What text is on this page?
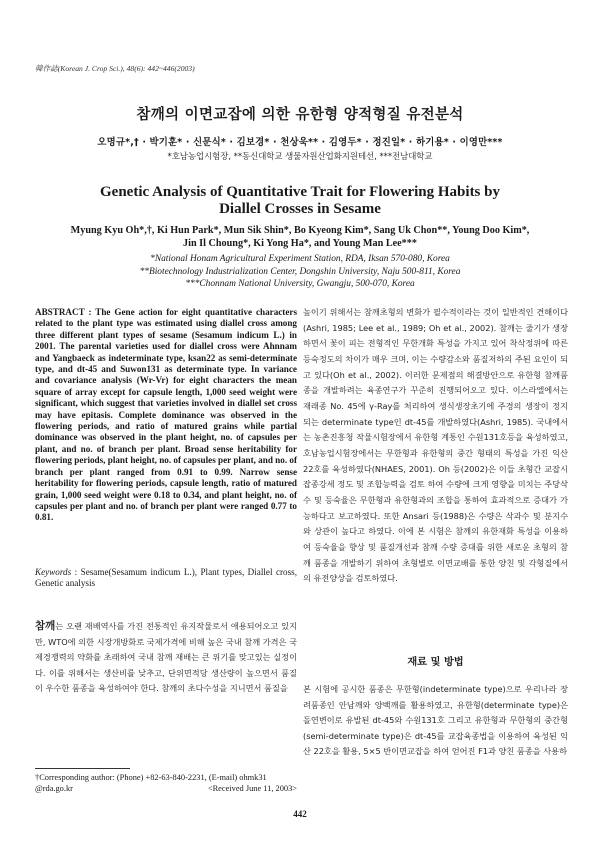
韓作誌(Korean J. Crop Sci.), 48(6): 442~446(2003)
참깨의 이면교잡에 의한 유한형 양적형질 유전분석
오명규*,† · 박기훈* · 신문식* · 김보경* · 천상욱** · 김영두* · 정진일* · 하기용* · 이영만***
*호남농업시험장, **동신대학교 생물자원산업화지원테선, ***전남대학교
Genetic Analysis of Quantitative Trait for Flowering Habits by
Diallel Crosses in Sesame
Myung Kyu Oh*,†, Ki Hun Park*, Mun Sik Shin*, Bo Kyeong Kim*, Sang Uk Chon**, Young Doo Kim*,
Jin Il Choung*, Ki Yong Ha*, and Young Man Lee***
*National Honam Agricultural Experiment Station, RDA, Iksan 570-080, Korea
**Biotechnology Industrialization Center, Dongshin University, Naju 500-811, Korea
***Chonnam National University, Gwangju, 500-070, Korea
ABSTRACT : The Gene action for eight quantitative characters related to the plant type was estimated using diallel cross among three different plant types of sesame (Sesamum indicum L.) in 2001. The parental varieties used for diallel cross were Ahnnam and Yangbaeck as indeterminate type, ksan22 as semi-determinate type, and dt-45 and Suwon131 as determinate type. In variance and covariance analysis (Wr-Vr) for eight characters the mean square of array except for capsule length, 1,000 seed weight were significant, which suggest that varieties involved in diallel set cross may have epitasis. Complete dominance was observed in the flowering periods, and ratio of matured grains while partial dominance was observed in the plant height, no. of capsules per plant, and no. of branch per plant. Broad sense heritability for flowering periods, plant height, no. of capsules per plant, and no. of branch per plant ranged from 0.91 to 0.99. Narrow sense heritability for flowering periods, capsule length, ratio of matured grain, 1,000 seed weight were 0.18 to 0.34, and plant height, no. of capsules per plant and no. of branch per plant were ranged 0.77 to 0.81.
Keywords : Sesame(Sesamum indicum L.), Plant types, Diallel cross, Genetic analysis
참깨는 오랜 재배역사를 가진 전통적인 유지작물로서 애용되어오고 있지만, WTO에 의한 시장개방화로 국제가격에 비해 높은 국내 참깨 가격은 국제경쟁력의 약화를 초래하여 국내 참깨 재배는 큰 위기를 맞고있는 실정이다. 이를 위해서는 생산비를 낮추고, 단위면적당 생산량이 높으면서 품질이 우수한 품종을 육성하여야 한다. 참깨의 초다수성을 지니면서 품질을
†Corresponding author: (Phone) +82-63-840-2231, (E-mail) ohmk31
@rda.go.kr	<Received June 11, 2003>
높이기 위해서는 참깨초형의 변화가 필수적이라는 것이 일반적인 견해이다(Ashri, 1985; Lee et al., 1989; Oh et al., 2002). 참깨는 줄기가 생장하면서 꽃이 피는 전형적인 무한개화 특성을 가지고 있어 착삭정위에 따른 등숙정도의 차이가 매우 크며, 이는 수량감소와 품질저하의 주된 요인이 되고 있다(Oh et al., 2002). 이러한 문제점의 해결방안으로 유한형 참깨품종을 개발하려는 육종연구가 꾸준히 진행되어오고 있다. 이스라엘에서는 재래종 No. 45에 γ-Ray를 처리하여 생식생장초기에 주경의 생장이 정지되는 determinate type인 dt-45를 개발하였다(Ashri, 1985). 국내에서는 농촌진흥청 작물시험장에서 유한형 계통인 수원131호등을 육성하였고, 호남농업시험장에서는 무한형과 유한형의 중간 형태의 특성을 가진 익산22호를 육성하였다(NHAES, 2001). Oh 등(2002)은 이들 초형간 교잡시 잡종강세 정도 및 조합능력을 검토 하여 수량에 크게 영향을 미치는 주당삭수 및 등숙율은 무한형과 유한형과의 조합을 통하여 효과적으로 증대가 가능하다고 보고하였다. 또한 Ansari 등(1988)은 수량은 삭과수 및 분지수와 상관이 높다고 하였다. 이에 본 시험은 참깨의 유한재화 특성을 이용하여 등숙율을 향상 및 품질개선과 참깨 수량 증대를 위한 새로운 초형의 참깨 품종을 개발하기 위하여 초형별로 이면교배를 통한 양친 및 각형질에서의 유전양상을 검토하였다.
재료 및 방법
본 시험에 공시한 품종은 무한형(indeterminate type)으로 우리나라 장려품종인 안남깨와 양백깨를 활용하였고, 유한형(determinate type)은 돌연변이로 유발된 dt-45와 수원131호 그리고 유한형과 무한형의 중간형(semi-determinate type)은 dt-45를 교잡육종법을 이용하여 육성된 익산 22호을 활용, 5×5 반이면교잡을 하여 얻어진 F1과 양친 품종을 사용하
442
